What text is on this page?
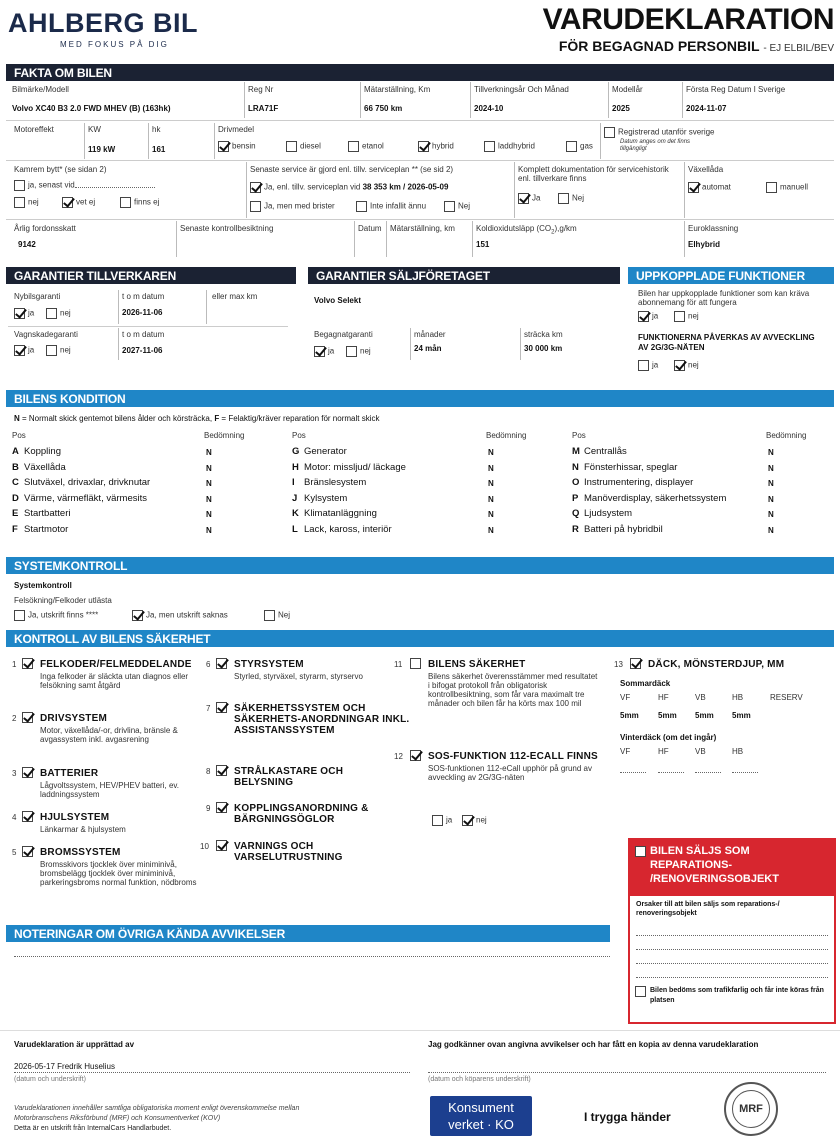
AHLBERG BIL
MED FOKUS PÅ DIG
VARUDEKLARATION
FÖR BEGAGNAD PERSONBIL - EJ ELBIL/BEV
FAKTA OM BILEN
Bilmärke/Modell
Volvo XC40 B3 2.0 FWD MHEV (B) (163hk)
Reg Nr
LRA71F
Mätarställning, Km
66 750 km
Tillverkningsår Och Månad
2024-10
Modellår
2025
Första Reg Datum I Sverige
2024-11-07
Motoreffekt	KW
119 kW
hk
161
Drivmedel
bensin	diesel	etanol	hybrid	laddhybrid	gas
Registrerad utanför sverige
Datum anges om det finns tillgängligt
Kamrem bytt* (se sidan 2)
ja, senast vid
nej	vet ej	finns ej
Senaste service är gjord enl. tillv. serviceplan ** (se sid 2)
Ja, enl. tillv. serviceplan vid 38 353 km / 2026-05-09
Ja, men med brister	Inte infallit ännu	Nej
Komplett dokumentation för servicehistorik enl. tillverkare finns
Ja	Nej
Växellåda
automat	manuell
Årlig fordonsskatt
9142
Senaste kontrollbesiktning	Datum Mätarställning, km	Koldioxidutsläpp $(CO_2),g/km$
151
Euroklassning
Elhybrid
GARANTIER TILLVERKAREN
Nybilsgaranti	t o m datum	eller max km
ja	nej	2026-11-06
Vagnskadegaranti	t o m datum
ja	nej	2027-11-06
GARANTIER SÄLJFÖRETAGET
Volvo Selekt
Begagnatgaranti	månader
24 mån
sträcka km
30 000 km
ja	nej
UPPKOPPLADE FUNKTIONER
Bilen har uppkopplade funktioner som kan kräva abonnemang för att fungera
ja	nej
FUNKTIONERNA PÅVERKAS AV AVVECKLING AV 2G/3G-NÄTEN
ja	nej
BILENS KONDITION
N = Normalt skick gentemot bilens ålder och körsträcka, F = Felaktig/kräver reparation för normalt skick
Pos	Bedömning
A Koppling	N
B Växellåda	N
C Slutväxel, drivaxlar, drivknutar	N
D Värme, värmefläkt, värmesits	N
E Startbatteri	N
F Startmotor	N
Pos	Bedömning
G Generator	N
H Motor: missljud/ läckage	N
I Bränslesystem	N
J Kylsystem	N
K Klimatanläggning	N
L Lack, kaross, interiör	N
Pos	Bedömning
M Centrallås	N
N Fönsterhissar, speglar	N
O Instrumentering, displayer	N
P Manöverdisplay, säkerhetssystem	N
Q Ljudsystem	N
R Batteri på hybridbil	N
SYSTEMKONTROLL
Systemkontroll
Felsökning/Felkoder utlästa
Ja, utskrift finns ****	Ja, men utskrift saknas	Nej
KONTROLL AV BILENS SÄKERHET
1 FELKODER/FELMEDDELANDE
Inga felkoder är släckta utan diagnos eller felsökning samt åtgärd
2 DRIVSYSTEM
Motor, växellåda/-or, drivlina, bränsle & avgassystem inkl. avgasrening
3 BATTERIER
Lågvoltssystem, HEV/PHEV batteri, ev. laddningssystem
4 HJULSYSTEM
Länkarmar & hjulsystem
5 BROMSSYSTEM
Bromsskivors tjocklek över miniminivå, bromsbelägg tjocklek över miniminivå, parkeringsbroms normal funktion, nödbroms
6 STYRSYSTEM
Styrled, styrväxel, styrarm, styrservo
7 SÄKERHETSSYSTEM OCH SÄKERHETS-ANORDNINGAR INKL. ASSISTANSSYSTEM
8 STRÅLKASTARE OCH BELYSNING
9 KOPPLINGSANORDNING & BÄRGNINGSÖGLOR
10	VARNINGS OCH VARSELUTRUSTNING
11	BILENS SÄKERHET
Bilens säkerhet överensstämmer med resultatet i bifogat protokoll från obligatorisk kontrollbesiktning, som får vara maximalt tre månader och bilen får ha körts max 100 mil
12	SOS-FUNKTION 112-ECALL FINNS
SOS-funktionen 112-eCall upphör på grund av avveckling av 2G/3G-näten
13	DÄCK, MÖNSTERDJUP, MM
ja	nej
Sommardäck
VF	HF	VB	HB	RESERV
5mm 5mm 5mm 5mm
VF	HF	VB	HB
Vinterdäck (om det ingår)
BILEN SÄLJS SOM REPARATIONS- /RENOVERINGSOBJEKT
Orsaker till att bilen säljs som reparations-/ renoveringsobjekt
Bilen bedöms som trafikfarlig och får inte köras från platsen
NOTERINGAR OM ÖVRIGA KÄNDA AVVIKELSER
Varudeklaration är upprättad av
2026-05-17 Fredrik Huselius
(datum och underskrift)
Jag godkänner ovan angivna avvikelser och har fått en kopia av denna varudeklaration
(datum och köparens underskrift)
Varudeklarationen innehåller samtliga obligatoriska moment enligt överenskommelse mellan
Motorbranschens Riksförbund (MRF) och Konsumentverket (KOV)
Detta är en utskrift från InternalCars Handlarbudet.
Konsument
verket · KO	I trygga händer
MRF
